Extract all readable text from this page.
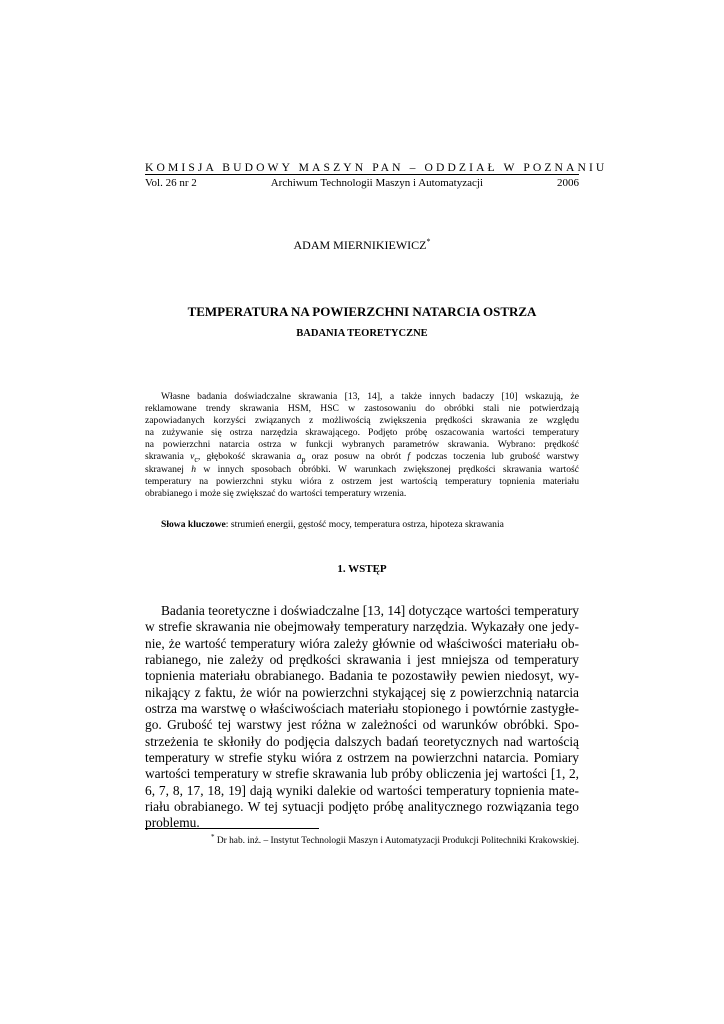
KOMISJA BUDOWY MASZYN PAN – ODDZIAŁ W POZNANIU
Vol. 26 nr 2	Archiwum Technologii Maszyn i Automatyzacji	2006
ADAM MIERNIKIEWICZ*
TEMPERATURA NA POWIERZCHNI NATARCIA OSTRZA
BADANIA TEORETYCZNE
Własne badania doświadczalne skrawania [13, 14], a także innych badaczy [10] wskazują, że
reklamowane trendy skrawania HSM, HSC w zastosowaniu do obróbki stali nie potwierdzają
zapowiadanych korzyści związanych z możliwością zwiększenia prędkości skrawania ze względu
na zużywanie się ostrza narzędzia skrawającego. Podjęto próbę oszacowania wartości temperatury
na powierzchni natarcia ostrza w funkcji wybranych parametrów skrawania. Wybrano: prędkość
skrawania $v_c$, głębokość skrawania $a_p$ oraz posuw na obrót f podczas toczenia lub grubość warstwy
skrawanej h w innych sposobach obróbki. W warunkach zwiększonej prędkości skrawania wartość
temperatury na powierzchni styku wióra z ostrzem jest wartością temperatury topnienia materiału
obrabianego i może się zwiększać do wartości temperatury wrzenia.
Słowa kluczowe: strumień energii, gęstość mocy, temperatura ostrza, hipoteza skrawania
1. WSTĘP
Badania teoretyczne i doświadczalne [13, 14] dotyczące wartości temperatury
w strefie skrawania nie obejmowały temperatury narzędzia. Wykazały one jedy-
nie, że wartość temperatury wióra zależy głównie od właściwości materiału ob-
rabianego, nie zależy od prędkości skrawania i jest mniejsza od temperatury
topnienia materiału obrabianego. Badania te pozostawiły pewien niedosyt, wy-
nikający z faktu, że wiór na powierzchni stykającej się z powierzchnią natarcia
ostrza ma warstwę o właściwościach materiału stopionego i powtórnie zastygłe-
go. Grubość tej warstwy jest różna w zależności od warunków obróbki. Spo-
strzeżenia te skłoniły do podjęcia dalszych badań teoretycznych nad wartością
temperatury w strefie styku wióra z ostrzem na powierzchni natarcia. Pomiary
wartości temperatury w strefie skrawania lub próby obliczenia jej wartości [1, 2,
6, 7, 8, 17, 18, 19] dają wyniki dalekie od wartości temperatury topnienia mate-
riału obrabianego. W tej sytuacji podjęto próbę analitycznego rozwiązania tego
problemu.
* Dr hab. inż. – Instytut Technologii Maszyn i Automatyzacji Produkcji Politechniki Krakowskiej.
